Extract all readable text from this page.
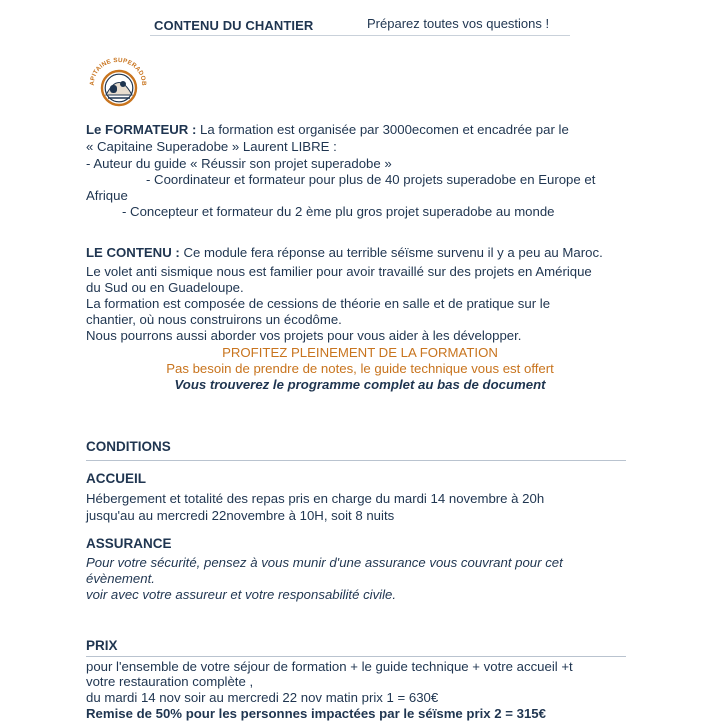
CONTENU DU CHANTIER	Préparez toutes vos questions !
APITAINE SUPERADOB
Le FORMATEUR : La formation est organisée par 3000ecomen et encadrée par le
« Capitaine Superadobe » Laurent LIBRE :
- Auteur du guide « Réussir son projet superadobe »
- Coordinateur et formateur pour plus de 40 projets superadobe en Europe et
Afrique
- Concepteur et formateur du 2 ème plu gros projet superadobe au monde
LE CONTENU : Ce module fera réponse au terrible séïsme survenu il y a peu au Maroc.
Le volet anti sismique nous est familier pour avoir travaillé sur des projets en Amérique
du Sud ou en Guadeloupe.
La formation est composée de cessions de théorie en salle et de pratique sur le
chantier, où nous construirons un écodôme.
Nous pourrons aussi aborder vos projets pour vous aider à les développer.
PROFITEZ PLEINEMENT DE LA FORMATION
Pas besoin de prendre de notes, le guide technique vous est offert
Vous trouverez le programme complet au bas de document
CONDITIONS
ACCUEIL
Hébergement et totalité des repas pris en charge du mardi 14 novembre à 20h
jusqu'au au mercredi 22novembre à 10H, soit 8 nuits
ASSURANCE
Pour votre sécurité, pensez à vous munir d'une assurance vous couvrant pour cet
évènement.
voir avec votre assureur et votre responsabilité civile.
PRIX
pour l'ensemble de votre séjour de formation + le guide technique + votre accueil +t
votre restauration complète ,
du mardi 14 nov soir au mercredi 22 nov matin prix 1 = 630€
Remise de 50% pour les personnes impactées par le séïsme prix 2 = 315€
